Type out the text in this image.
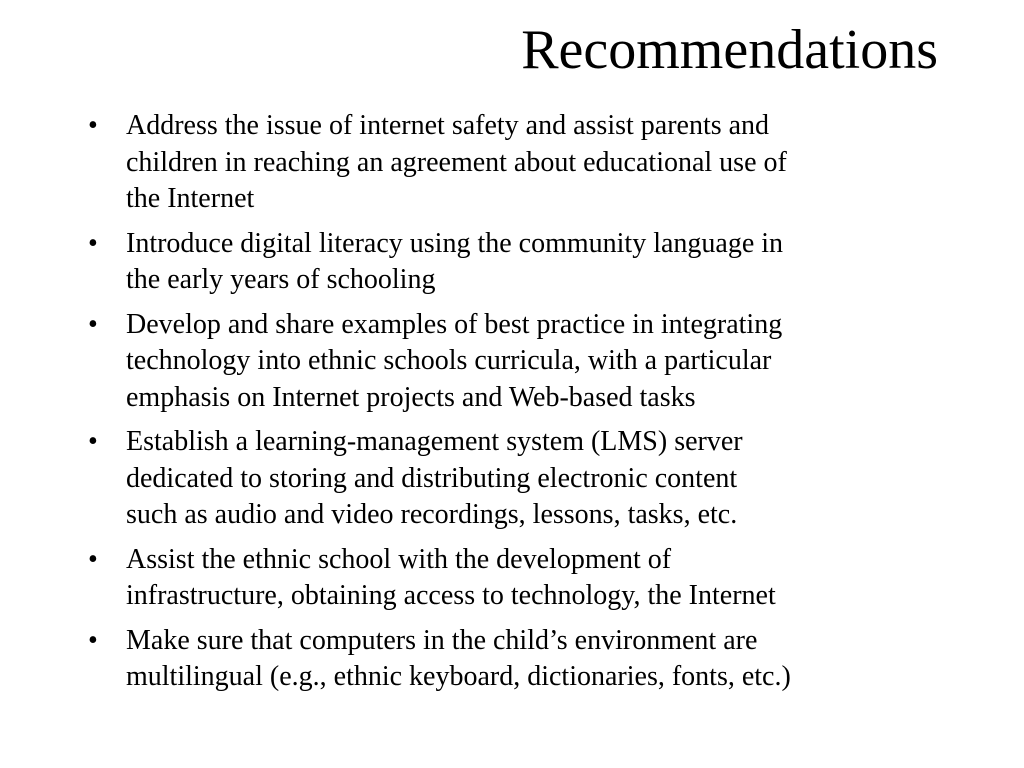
Recommendations
•	Address the issue of internet safety and assist parents and
children in reaching an agreement about educational use of
the Internet
•	Introduce digital literacy using the community language in
the early years of schooling
•	Develop and share examples of best practice in integrating
technology into ethnic schools curricula, with a particular
emphasis on Internet projects and Web-based tasks
•	Establish a learning-management system (LMS) server
dedicated to storing and distributing electronic content
such as audio and video recordings, lessons, tasks, etc.
•	Assist the ethnic school with the development of
infrastructure, obtaining access to technology, the Internet
•	Make sure that computers in the child’s environment are
multilingual (e.g., ethnic keyboard, dictionaries, fonts, etc.)
